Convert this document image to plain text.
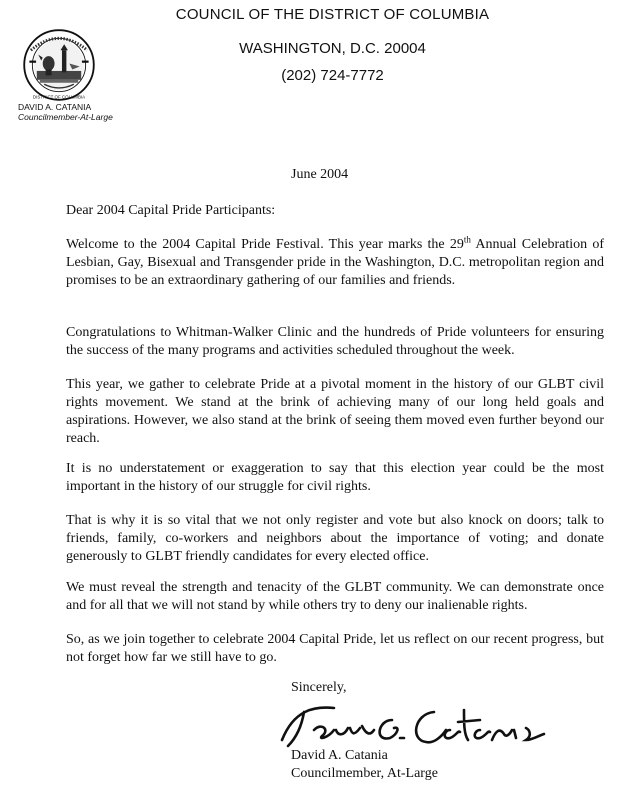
COUNCIL OF THE DISTRICT OF COLUMBIA
WASHINGTON, D.C. 20004
(202) 724-7772
DISTRICT OF COLUMBIA
DAVID A. CATANIA
Councilmember-At-Large
June 2004
Dear 2004 Capital Pride Participants:
Welcome to the 2004 Capital Pride Festival. This year marks the 29th Annual Celebration of Lesbian, Gay, Bisexual and Transgender pride in the Washington, D.C. metropolitan region and promises to be an extraordinary gathering of our families and friends.
Congratulations to Whitman-Walker Clinic and the hundreds of Pride volunteers for ensuring the success of the many programs and activities scheduled throughout the week.
This year, we gather to celebrate Pride at a pivotal moment in the history of our GLBT civil rights movement. We stand at the brink of achieving many of our long held goals and aspirations. However, we also stand at the brink of seeing them moved even further beyond our reach.
It is no understatement or exaggeration to say that this election year could be the most important in the history of our struggle for civil rights.
That is why it is so vital that we not only register and vote but also knock on doors; talk to friends, family, co-workers and neighbors about the importance of voting; and donate generously to GLBT friendly candidates for every elected office.
We must reveal the strength and tenacity of the GLBT community. We can demonstrate once and for all that we will not stand by while others try to deny our inalienable rights.
So, as we join together to celebrate 2004 Capital Pride, let us reflect on our recent progress, but not forget how far we still have to go.
Sincerely,
David A. Catania
Councilmember, At-Large
